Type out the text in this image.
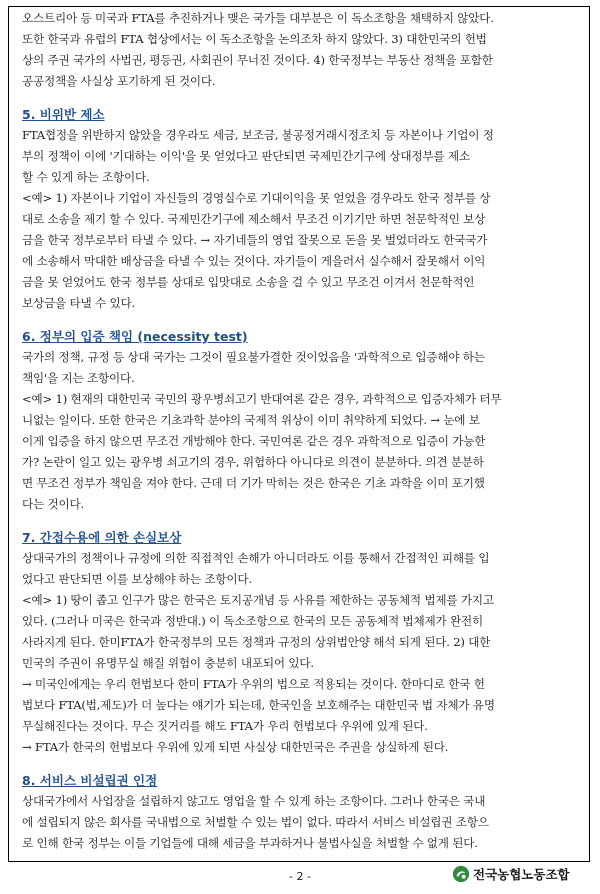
오스트리아 등 미국과 FTA를 추진하거나 맺은 국가들 대부분은 이 독소조항을 채택하지 않았다.
또한 한국과 유럽의 FTA 협상에서는 이 독소조항을 논의조차 하지 않았다. 3) 대한민국의 헌법
상의 주권 국가의 사법권, 평등권, 사회권이 무너진 것이다. 4) 한국정부는 부동산 정책을 포함한
공공정책을 사실상 포기하게 된 것이다.
5. 비위반 제소
FTA협정을 위반하지 않았을 경우라도 세금, 보조금, 불공정거래시정조치 등 자본이나 기업이 정
부의 정책이 이에 '기대하는 이익'을 못 얻었다고 판단되면 국제민간기구에 상대정부를 제소
할 수 있게 하는 조항이다.
<예> 1) 자본이나 기업이 자신들의 경영실수로 기대이익을 못 얻었을 경우라도 한국 정부를 상
대로 소송을 제기 할 수 있다. 국제민간기구에 제소해서 무조건 이기기만 하면 천문학적인 보상
금을 한국 정부로부터 타낼 수 있다. → 자기네들의 영업 잘못으로 돈을 못 벌었더라도 한국국가
에 소송해서 막대한 배상금을 타낼 수 있는 것이다. 자기들이 게을러서 실수해서 잘못해서 이익
금을 못 얻었어도 한국 정부를 상대로 입맛대로 소송을 걸 수 있고 무조건 이겨서 천문학적인
보상금을 타낼 수 있다.
6. 정부의 입증 책임 (necessity test)
국가의 정책, 규정 등 상대 국가는 그것이 필요불가결한 것이었음을 '과학적으로 입증해야 하는
책임'을 지는 조항이다.
<예> 1) 현재의 대한민국 국민의 광우병쇠고기 반대여론 같은 경우, 과학적으로 입증자체가 터무
니없는 일이다. 또한 한국은 기초과학 분야의 국제적 위상이 이미 취약하게 되었다. → 눈에 보
이게 입증을 하지 않으면 무조건 개방해야 한다. 국민여론 같은 경우 과학적으로 입증이 가능한
가? 논란이 일고 있는 광우병 쇠고기의 경우, 위험하다 아니다로 의견이 분분하다. 의견 분분하
면 무조건 정부가 책임을 져야 한다. 근데 더 기가 막히는 것은 한국은 기초 과학을 이미 포기했
다는 것이다.
7. 간접수용에 의한 손실보상
상대국가의 정책이나 규정에 의한 직접적인 손해가 아니더라도 이를 통해서 간접적인 피해를 입
었다고 판단되면 이를 보상해야 하는 조항이다.
<예> 1) 땅이 좁고 인구가 많은 한국은 토지공개념 등 사유를 제한하는 공동체적 법제를 가지고
있다. (그러나 미국은 한국과 정반대.) 이 독소조항으로 한국의 모든 공동체적 법체제가 완전히
사라지게 된다. 한미FTA가 한국정부의 모든 정책과 규정의 상위법안양 해석 되게 된다. 2) 대한
민국의 주권이 유명무실 해질 위험이 충분히 내포되어 있다.
→ 미국인에게는 우리 헌법보다 한미 FTA가 우위의 법으로 적용되는 것이다. 한마디로 한국 헌
법보다 FTA(법,제도)가 더 높다는 얘기가 되는데, 한국인을 보호해주는 대한민국 법 자체가 유명
무실해진다는 것이다. 무슨 짓거리를 해도 FTA가 우리 헌법보다 우위에 있게 된다.
→ FTA가 한국의 헌법보다 우위에 있게 되면 사실상 대한민국은 주권을 상실하게 된다.
8. 서비스 비설립권 인정
상대국가에서 사업장을 설립하지 않고도 영업을 할 수 있게 하는 조항이다. 그러나 한국은 국내
에 설립되지 않은 회사를 국내법으로 처벌할 수 있는 법이 없다. 따라서 서비스 비설립권 조항으
로 인해 한국 정부는 이들 기업들에 대해 세금을 부과하거나 불법사실을 처벌할 수 없게 된다.
- 2 -	전국농협노동조합
